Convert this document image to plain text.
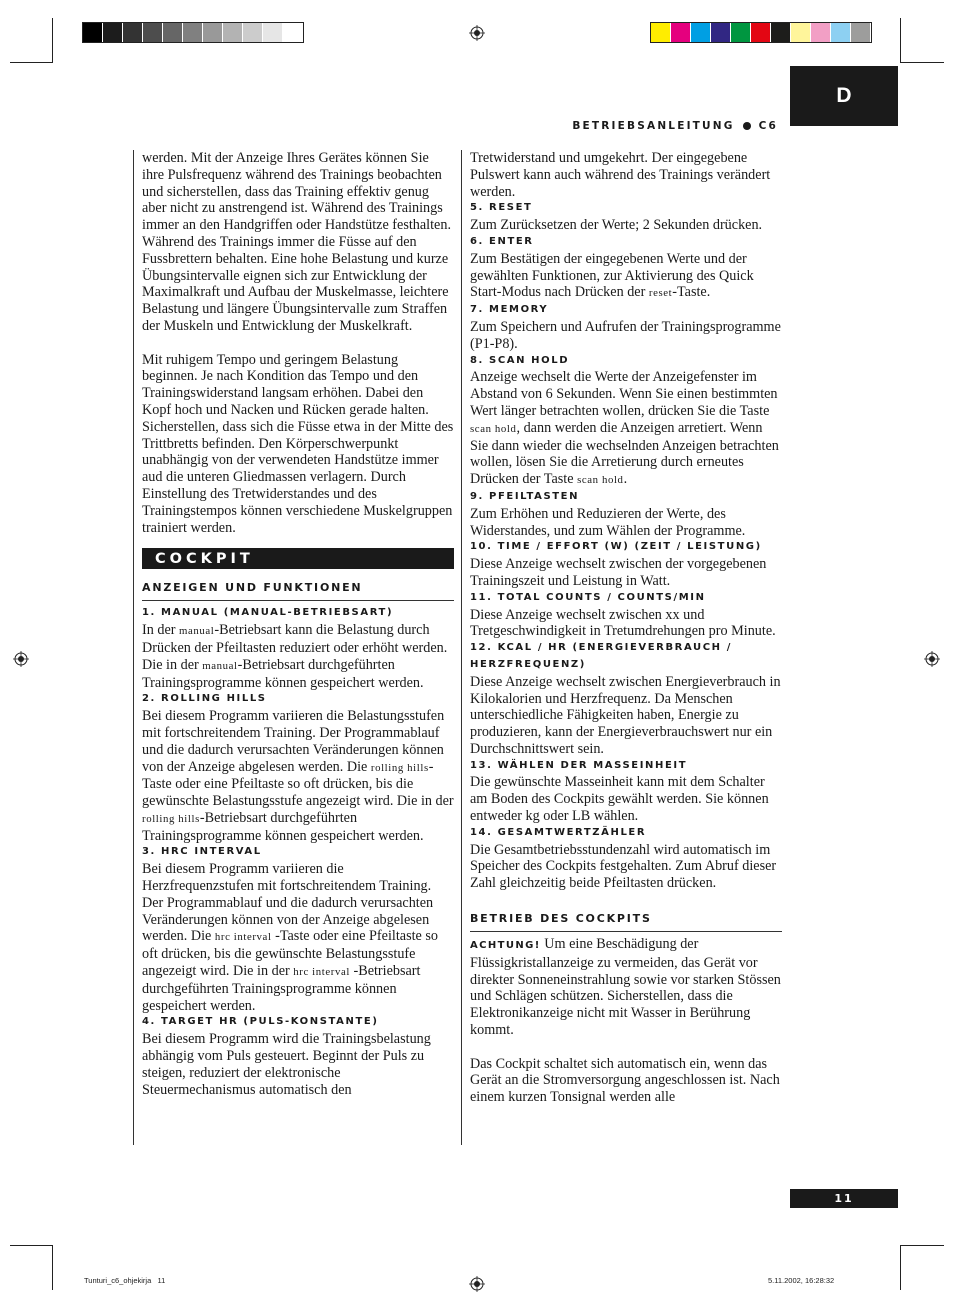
D
BETRIEBSANLEITUNG C6

werden. Mit der Anzeige Ihres Gerätes können Sie ihre Pulsfrequenz während des Trainings beobachten und sicherstellen, dass das Training effektiv genug aber nicht zu anstrengend ist. Während des Trainings immer an den Handgriffen oder Handstütze festhalten. Während des Trainings immer die Füsse auf den Fussbrettern behalten. Eine hohe Belastung und kurze Übungsintervalle eignen sich zur Entwicklung der Maximalkraft und Aufbau der Muskelmasse, leichtere Belastung und längere Übungsintervalle zum Straffen der Muskeln und Entwicklung der Muskelkraft.

Mit ruhigem Tempo und geringem Belastung beginnen. Je nach Kondition das Tempo und den Trainingswiderstand langsam erhöhen. Dabei den Kopf hoch und Nacken und Rücken gerade halten. Sicherstellen, dass sich die Füsse etwa in der Mitte des Trittbretts befinden. Den Körperschwerpunkt unabhängig von der verwendeten Handstütze immer aud die unteren Gliedmassen verlagern. Durch Einstellung des Tretwiderstandes und des Trainingstempos können verschiedene Muskelgruppen trainiert werden.

COCKPIT
ANZEIGEN UND FUNKTIONEN
1. MANUAL (MANUAL-BETRIEBSART)

In der manual-Betriebsart kann die Belastung durch Drücken der Pfeiltasten reduziert oder erhöht werden. Die in der manual-Betriebsart durchgeführten Trainingsprogramme können gespeichert werden.

2. ROLLING HILLS

Bei diesem Programm variieren die Belastungsstufen mit fortschreitendem Training. Der Programmablauf und die dadurch verursachten Veränderungen können von der Anzeige abgelesen werden. Die rolling hills-Taste oder eine Pfeiltaste so oft drücken, bis die gewünschte Belastungsstufe angezeigt wird. Die in der rolling hills-Betriebsart durchgeführten Trainingsprogramme können gespeichert werden.

3. HRC INTERVAL

Bei diesem Programm variieren die Herzfrequenzstufen mit fortschreitendem Training. Der Programmablauf und die dadurch verursachten Veränderungen können von der Anzeige abgelesen werden. Die hrc interval -Taste oder eine Pfeiltaste so oft drücken, bis die gewünschte Belastungsstufe angezeigt wird. Die in der hrc interval -Betriebsart durchgeführten Trainingsprogramme können gespeichert werden.

4. TARGET HR (PULS-KONSTANTE)

Bei diesem Programm wird die Trainingsbelastung abhängig vom Puls gesteuert. Beginnt der Puls zu steigen, reduziert der elektronische Steuermechanismus automatisch den

Tretwiderstand und umgekehrt. Der eingegebene Pulswert kann auch während des Trainings verändert werden.

5. RESET

Zum Zurücksetzen der Werte; 2 Sekunden drücken.

6. ENTER

Zum Bestätigen der eingegebenen Werte und der gewählten Funktionen, zur Aktivierung des Quick Start-Modus nach Drücken der reset-Taste.

7. MEMORY

Zum Speichern und Aufrufen der Trainingsprogramme (P1-P8).

8. SCAN HOLD

Anzeige wechselt die Werte der Anzeigefenster im Abstand von 6 Sekunden. Wenn Sie einen bestimmten Wert länger betrachten wollen, drücken Sie die Taste scan hold, dann werden die Anzeigen arretiert. Wenn Sie dann wieder die wechselnden Anzeigen betrachten wollen, lösen Sie die Arretierung durch erneutes Drücken der Taste scan hold.

9. PFEILTASTEN

Zum Erhöhen und Reduzieren der Werte, des Widerstandes, und zum Wählen der Programme.

10. TIME / EFFORT (W) (ZEIT / LEISTUNG)

Diese Anzeige wechselt zwischen der vorgegebenen Trainingszeit und Leistung in Watt.

11. TOTAL COUNTS / COUNTS/MIN

Diese Anzeige wechselt zwischen xx und Tretgeschwindigkeit in Tretumdrehungen pro Minute.

12. KCAL / HR (ENERGIEVERBRAUCH / HERZFREQUENZ)

Diese Anzeige wechselt zwischen Energieverbrauch in Kilokalorien und Herzfrequenz. Da Menschen unterschiedliche Fähigkeiten haben, Energie zu produzieren, kann der Energieverbrauchswert nur ein Durchschnittswert sein.

13. WÄHLEN DER MASSEINHEIT

Die gewünschte Masseinheit kann mit dem Schalter am Boden des Cockpits gewählt werden. Sie können entweder kg oder LB wählen.

14. GESAMTWERTZÄHLER

Die Gesamtbetriebsstundenzahl wird automatisch im Speicher des Cockpits festgehalten. Zum Abruf dieser Zahl gleichzeitig beide Pfeiltasten drücken.

BETRIEB DES COCKPITS

ACHTUNG! Um eine Beschädigung der Flüssigkristallanzeige zu vermeiden, das Gerät vor direkter Sonneneinstrahlung sowie vor starken Stössen und Schlägen schützen. Sicherstellen, dass die Elektronikanzeige nicht mit Wasser in Berührung kommt.

Das Cockpit schaltet sich automatisch ein, wenn das Gerät an die Stromversorgung angeschlossen ist. Nach einem kurzen Tonsignal werden alle

11
Tunturi_c6_ohjekirja   11	5.11.2002, 16:28:32
